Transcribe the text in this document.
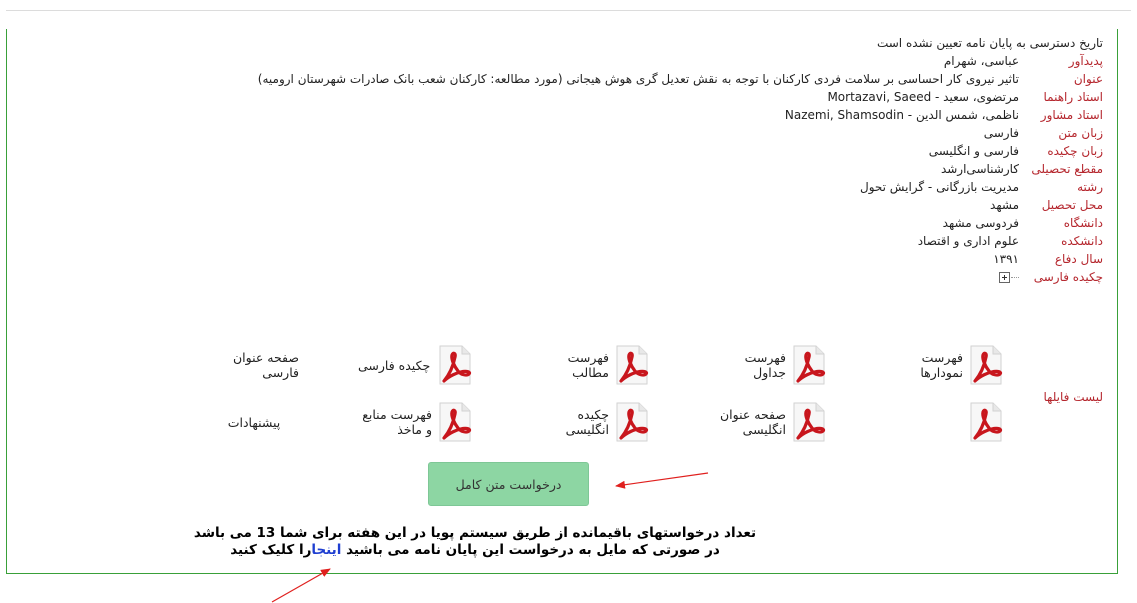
تاریخ دسترسی به پایان نامه تعیین نشده است
پدیدآور	عباسی، شهرام
عنوان	تاثیر نیروی کار احساسی بر سلامت فردی کارکنان با توجه به نقش تعدیل گری هوش هیجانی (مورد مطالعه: کارکنان شعب بانک صادرات شهرستان ارومیه)
استاد راهنما	مرتضوی، سعید - Mortazavi, Saeed
استاد مشاور	ناظمی، شمس الدین - Nazemi, Shamsodin
زبان متن	فارسی
زبان چکیده	فارسی و انگلیسی
مقطع تحصیلی	کارشناسی‌ارشد
رشته	مدیریت بازرگانی - گرایش تحول
محل تحصیل	مشهد
دانشگاه	فردوسی مشهد
دانشکده	علوم اداری و اقتصاد
سال دفاع	۱۳۹۱
چکیده فارسی	
لیست فایلها
صفحه عنوان فارسی	چکیده فارسی	فهرست مطالب
فهرست جداول
فهرست نمودارها
پیشنهادات	فهرست منابع و ماخذ
چکیده انگلیسی
صفحه عنوان انگلیسی
درخواست متن کامل
تعداد درخواستهای باقیمانده از طریق سیستم پویا در این هفته برای شما 13 می باشد
در صورتی که مایل به درخواست این پایان نامه می باشید اینجارا کلیک کنید
